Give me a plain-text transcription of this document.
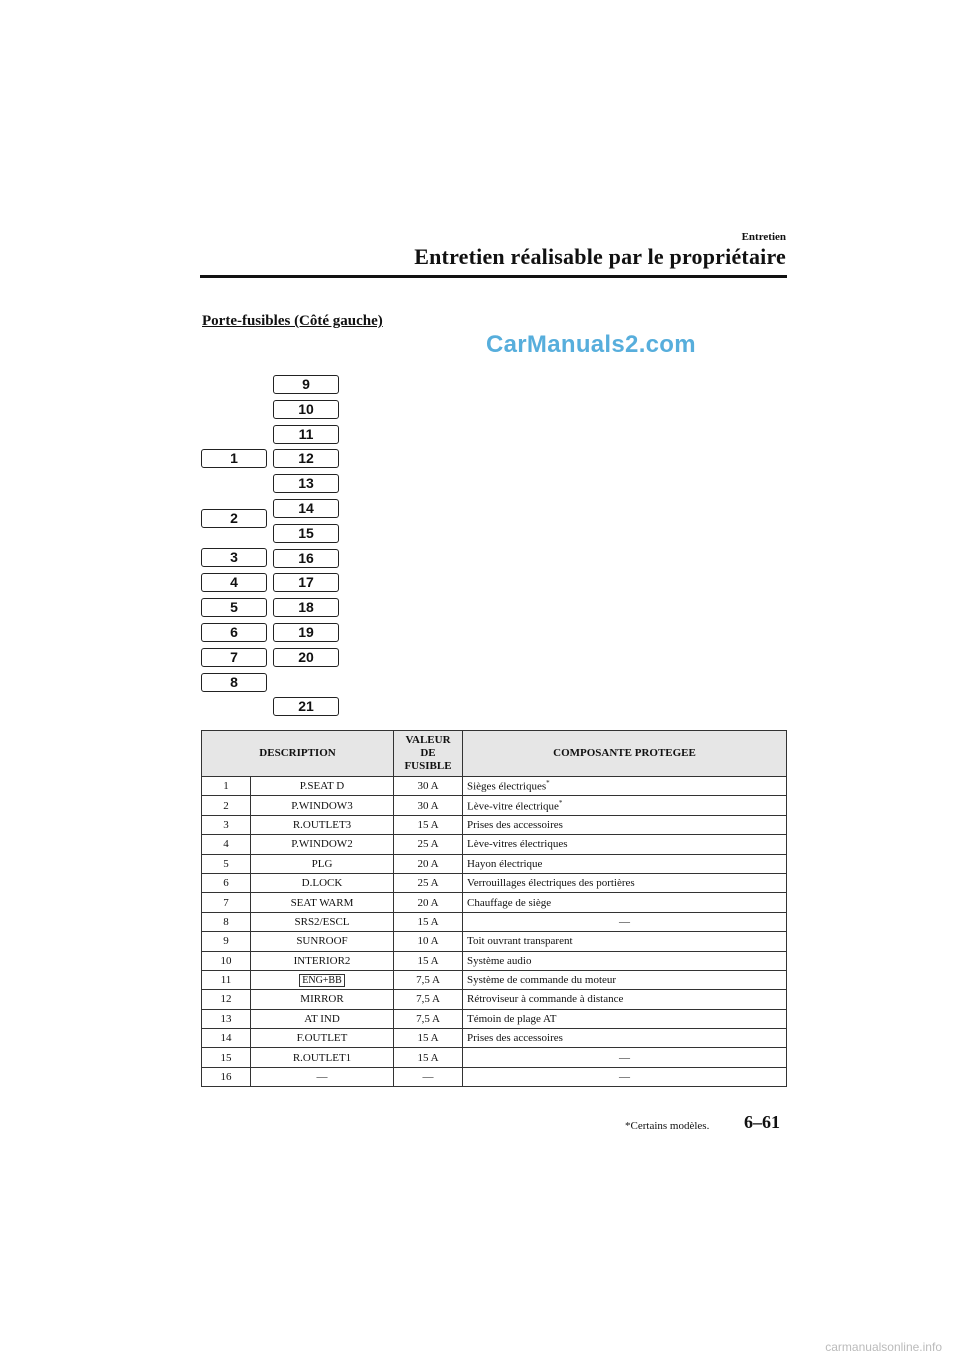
Entretien
Entretien réalisable par le propriétaire
Porte-fusibles (Côté gauche)
CarManuals2.com
1
2
3
4
5
6
7
8
9
10
11
12
13
14
15
16
17
18
19
20
21
DESCRIPTION		VALEUR DE FUSIBLE	COMPOSANTE PROTEGEE
1	P.SEAT D	30 A	Sièges électriques*
2	P.WINDOW3	30 A	Lève-vitre électrique*
3	R.OUTLET3	15 A	Prises des accessoires
4	P.WINDOW2	25 A	Lève-vitres électriques
5	PLG	20 A	Hayon électrique
6	D.LOCK	25 A	Verrouillages électriques des portières
7	SEAT WARM	20 A	Chauffage de siège
8	SRS2/ESCL	15 A	—
9	SUNROOF	10 A	Toit ouvrant transparent
10	INTERIOR2	15 A	Système audio
11	ENG+BB	7,5 A	Système de commande du moteur
12	MIRROR	7,5 A	Rétroviseur à commande à distance
13	AT IND	7,5 A	Témoin de plage AT
14	F.OUTLET	15 A	Prises des accessoires
15	R.OUTLET1	15 A	—
16	—	—	—
*Certains modèles. 6–61
carmanualsonline.info
